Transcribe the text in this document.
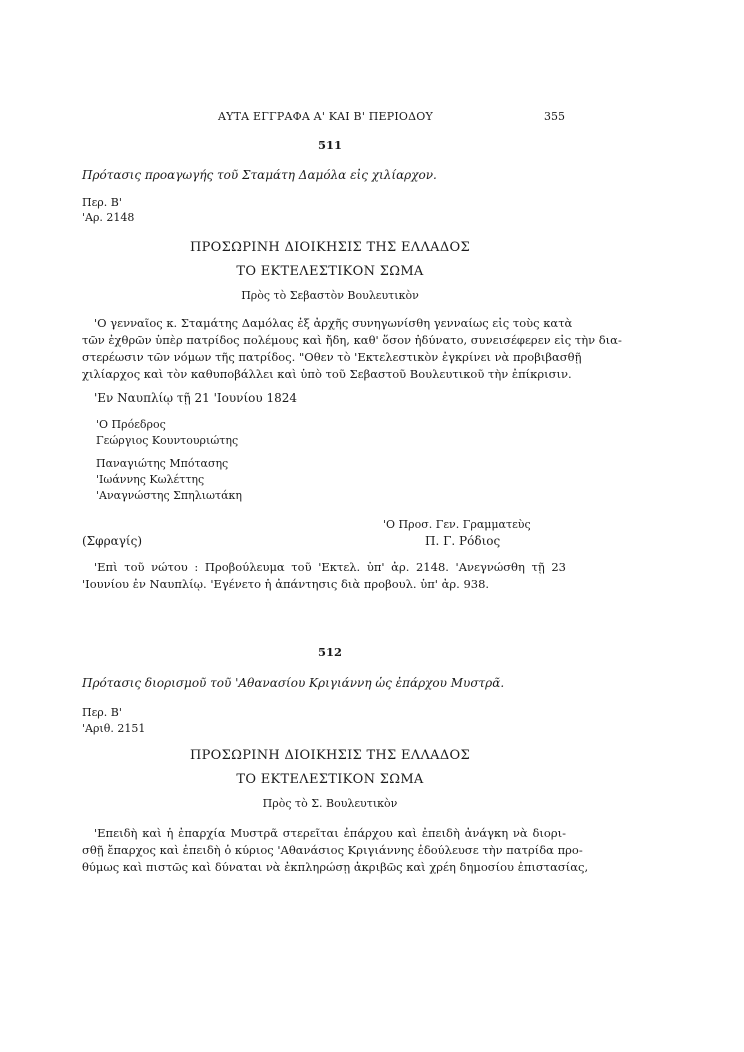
ΑΥΤΑ ΕΓΓΡΑΦΑ Α' ΚΑΙ Β' ΠΕΡΙΟΔΟΥ	355
511
Πρότασις προαγωγής τοῦ Σταμάτη Δαμόλα εἰς χιλίαρχον.
Περ. Β'
'Αρ. 2148
ΠΡΟΣΩΡΙΝΗ ΔΙΟΙΚΗΣΙΣ ΤΗΣ ΕΛΛΑΔΟΣ
ΤΟ ΕΚΤΕΛΕΣΤΙΚΟΝ ΣΩΜΑ
Πρὸς τὸ Σεβαστὸν Βουλευτικὸν
'Ο γενναῖος κ. Σταμάτης Δαμόλας ἐξ ἀρχῆς συνηγωνίσθη γενναίως εἰς τοὺς κατὰ
τῶν ἐχθρῶν ὑπὲρ πατρίδος πολέμους καὶ ἤδη, καθ' ὅσον ἠδύνατο, συνεισέφερεν εἰς τὴν δια-
στερέωσιν τῶν νόμων τῆς πατρίδος. "Οθεν τὸ 'Εκτελεστικὸν ἐγκρίνει νὰ προβιβασθῇ
χιλίαρχος καὶ τὸν καθυποβάλλει καὶ ὑπὸ τοῦ Σεβαστοῦ Βουλευτικοῦ τὴν ἐπίκρισιν.
'Εν Ναυπλίῳ τῇ 21 'Ιουνίου 1824
'Ο Πρόεδρος
Γεώργιος Κουντουριώτης
Παναγιώτης Μπότασης
'Ιωάννης Κωλέττης
'Αναγνώστης Σπηλιωτάκη
'Ο Προσ. Γεν. Γραμματεὺς
(Σφραγίς)	Π. Γ. Ρόδιος
'Επὶ τοῦ νώτου : Προβούλευμα τοῦ 'Εκτελ. ὑπ' ἀρ. 2148. 'Ανεγνώσθη τῇ 23
'Ιουνίου ἐν Ναυπλίῳ. 'Εγένετο ἡ ἀπάντησις διὰ προβουλ. ὑπ' ἀρ. 938.
512
Πρότασις διορισμοῦ τοῦ 'Αθανασίου Κριγιάννη ὡς ἐπάρχου Μυστρᾶ.
Περ. Β'
'Αριθ. 2151
ΠΡΟΣΩΡΙΝΗ ΔΙΟΙΚΗΣΙΣ ΤΗΣ ΕΛΛΑΔΟΣ
ΤΟ ΕΚΤΕΛΕΣΤΙΚΟΝ ΣΩΜΑ
Πρὸς τὸ Σ. Βουλευτικὸν
'Επειδὴ καὶ ἡ ἐπαρχία Μυστρᾶ στερεῖται ἐπάρχου καὶ ἐπειδὴ ἀνάγκη νὰ διορι-
σθῇ ἔπαρχος καὶ ἐπειδὴ ὁ κύριος 'Αθανάσιος Κριγιάννης ἐδούλευσε τὴν πατρίδα προ-
θύμως καὶ πιστῶς καὶ δύναται νὰ ἐκπληρώσῃ ἀκριβῶς καὶ χρέη δημοσίου ἐπιστασίας,
